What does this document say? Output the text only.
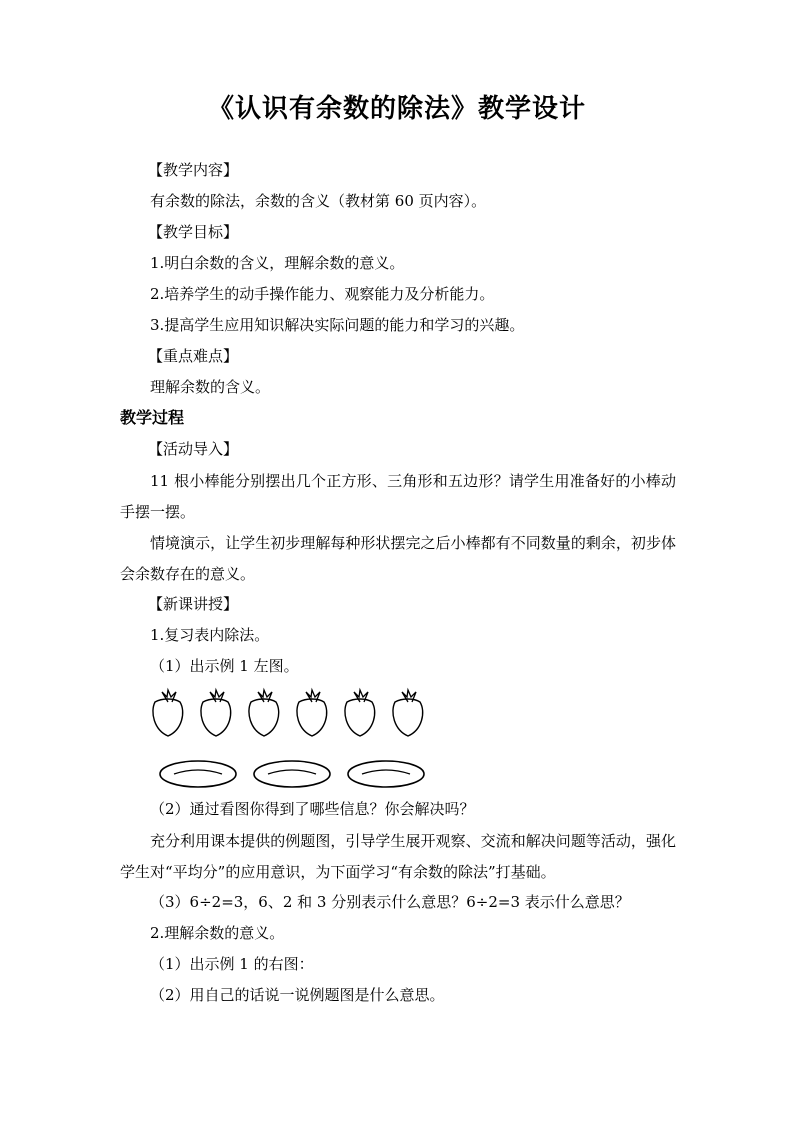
《认识有余数的除法》教学设计
【教学内容】
有余数的除法，余数的含义（教材第 60 页内容）。
【教学目标】
1.明白余数的含义，理解余数的意义。
2.培养学生的动手操作能力、观察能力及分析能力。
3.提高学生应用知识解决实际问题的能力和学习的兴趣。
【重点难点】
理解余数的含义。
教学过程
【活动导入】
11 根小棒能分别摆出几个正方形、三角形和五边形？请学生用准备好的小棒动手摆一摆。
情境演示，让学生初步理解每种形状摆完之后小棒都有不同数量的剩余，初步体会余数存在的意义。
【新课讲授】
1.复习表内除法。
（1）出示例 1 左图。
（2）通过看图你得到了哪些信息？你会解决吗？
充分利用课本提供的例题图，引导学生展开观察、交流和解决问题等活动，强化学生对“平均分”的应用意识，为下面学习“有余数的除法”打基础。
（3）6÷2=3，6、2 和 3 分别表示什么意思？6÷2=3 表示什么意思？
2.理解余数的意义。
（1）出示例 1 的右图：
（2）用自己的话说一说例题图是什么意思。
